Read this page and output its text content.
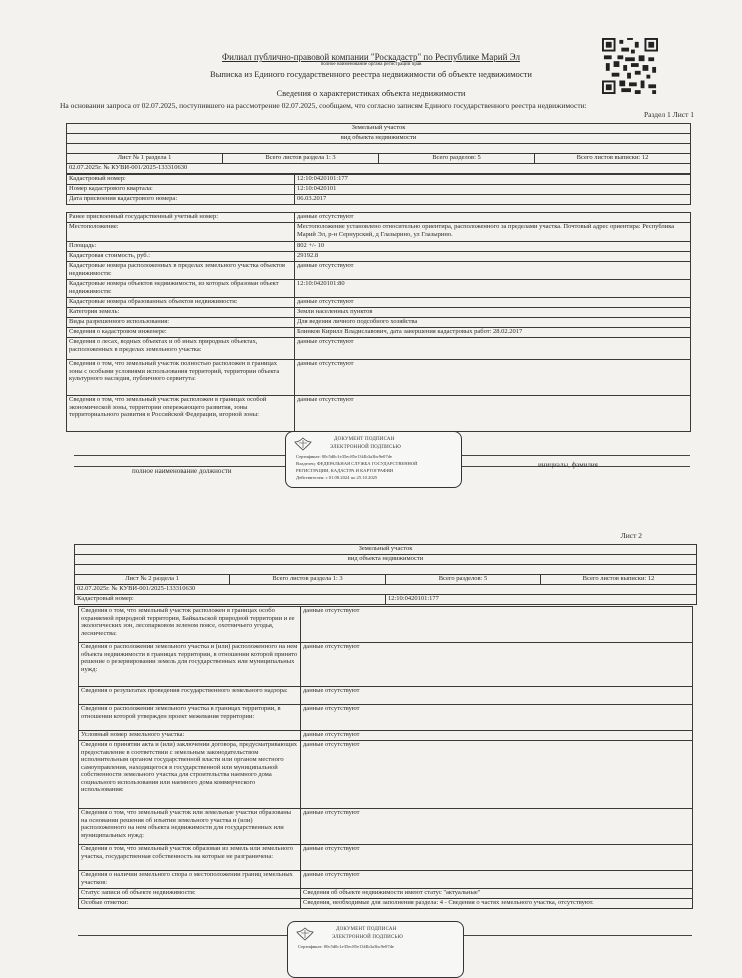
Филиал публично-правовой компании "Роскадастр" по Республике Марий Эл
полное наименование органа регистрации прав
Выписка из Единого государственного реестра недвижимости об объекте недвижимости
Сведения о характеристиках объекта недвижимости
На основании запроса от 02.07.2025, поступившего на рассмотрение 02.07.2025, сообщаем, что согласно записям Единого государственного реестра недвижимости:
Раздел 1 Лист 1
Земельный участок
вид объекта недвижимости

Лист № 1 раздела 1	Всего листов раздела 1: 3	Всего разделов: 5	Всего листов выписки: 12
02.07.2025г. № КУВИ-001/2025-133310630
Кадастровый номер:	12:10:0420101:177
Номер кадастрового квартала:	12:10:0420101
Дата присвоения кадастрового номера:	06.03.2017
Ранее присвоенный государственный учетный номер:	данные отсутствуют
Местоположение:	Местоположение установлено относительно ориентира, расположенного за пределами участка. Почтовый адрес ориентира: Республика Марий Эл, р-н Сернурский, д Глазырино, ул Глазырино.
Площадь:	802 +/- 10
Кадастровая стоимость, руб.:	29192.8
Кадастровые номера расположенных в пределах земельного участка объектов недвижимости:	данные отсутствуют
Кадастровые номера объектов недвижимости, из которых образован объект недвижимости:	12:10:0420101:80
Кадастровые номера образованных объектов недвижимости:	данные отсутствуют
Категория земель:	Земли населенных пунктов
Виды разрешенного использования:	Для ведения личного подсобного хозяйства
Сведения о кадастровом инженере:	Блинков Кирилл Владиславович, дата завершения кадастровых работ: 28.02.2017
Сведения о лесах, водных объектах и об иных природных объектах, расположенных в пределах земельного участка:	данные отсутствуют
Сведения о том, что земельный участок полностью расположен в границах зоны с особыми условиями использования территорий, территории объекта культурного наследия, публичного сервитута:	данные отсутствуют
Сведения о том, что земельный участок расположен в границах особой экономической зоны, территории опережающего развития, зоны территориального развития в Российской Федерации, игорной зоны:	данные отсутствуют
полное наименование должности
инициалы, фамилия
ДОКУМЕНТ ПОДПИСАН
ЭЛЕКТРОННОЙ ПОДПИСЬЮ
Сертификат: 00c5d0c1e35ec85e13f4b3a3bc9e07de
Владелец: ФЕДЕРАЛЬНАЯ СЛУЖБА ГОСУДАРСТВЕННОЙ
РЕГИСТРАЦИИ, КАДАСТРА И КАРТОГРАФИИ
Действителен: с 01.08.2024 по 25.10.2025
Лист 2
Земельный участок			
вид объекта недвижимости			

Лист № 2 раздела 1	Всего листов раздела 1: 3	Всего разделов: 5	Всего листов выписки: 12
02.07.2025г. № КУВИ-001/2025-133310630			
Кадастровый номер:		12:10:0420101:177	
Сведения о том, что земельный участок расположен в границах особо охраняемой природной территории, Байкальской природной территории и ее экологических зон, лесопарковом зеленом поясе, охотничьего угодья, лесничества:	данные отсутствуют
Сведения о расположении земельного участка и (или) расположенного на нем объекта недвижимости в границах территории, в отношении которой принято решение о резервировании земель для государственных или муниципальных нужд:	данные отсутствуют
Сведения о результатах проведения государственного земельного надзора:	данные отсутствуют
Сведения о расположении земельного участка в границах территории, в отношении которой утвержден проект межевания территории:	данные отсутствуют
Условный номер земельного участка:	данные отсутствуют
Сведения о принятии акта и (или) заключении договора, предусматривающих предоставление в соответствии с земельным законодательством исполнительным органом государственной власти или органом местного самоуправления, находящегося в государственной или муниципальной собственности земельного участка для строительства наемного дома социального использования или наемного дома коммерческого использования:	данные отсутствуют
Сведения о том, что земельный участок или земельные участки образованы на основании решения об изъятии земельного участка и (или) расположенного на нем объекта недвижимости для государственных или муниципальных нужд:	данные отсутствуют
Сведения о том, что земельный участок образован из земель или земельного участка, государственная собственность на которые не разграничена:	данные отсутствуют
Сведения о наличии земельного спора о местоположении границ земельных участков:	данные отсутствуют
Статус записи об объекте недвижимости:	Сведения об объекте недвижимости имеют статус "актуальные"
Особые отметки:	Сведения, необходимые для заполнения раздела: 4 - Сведения о частях земельного участка, отсутствуют.
ДОКУМЕНТ ПОДПИСАН
ЭЛЕКТРОННОЙ ПОДПИСЬЮ
Сертификат: 00c5d0c1e35ec85e13f4b3a3bc9e07de
